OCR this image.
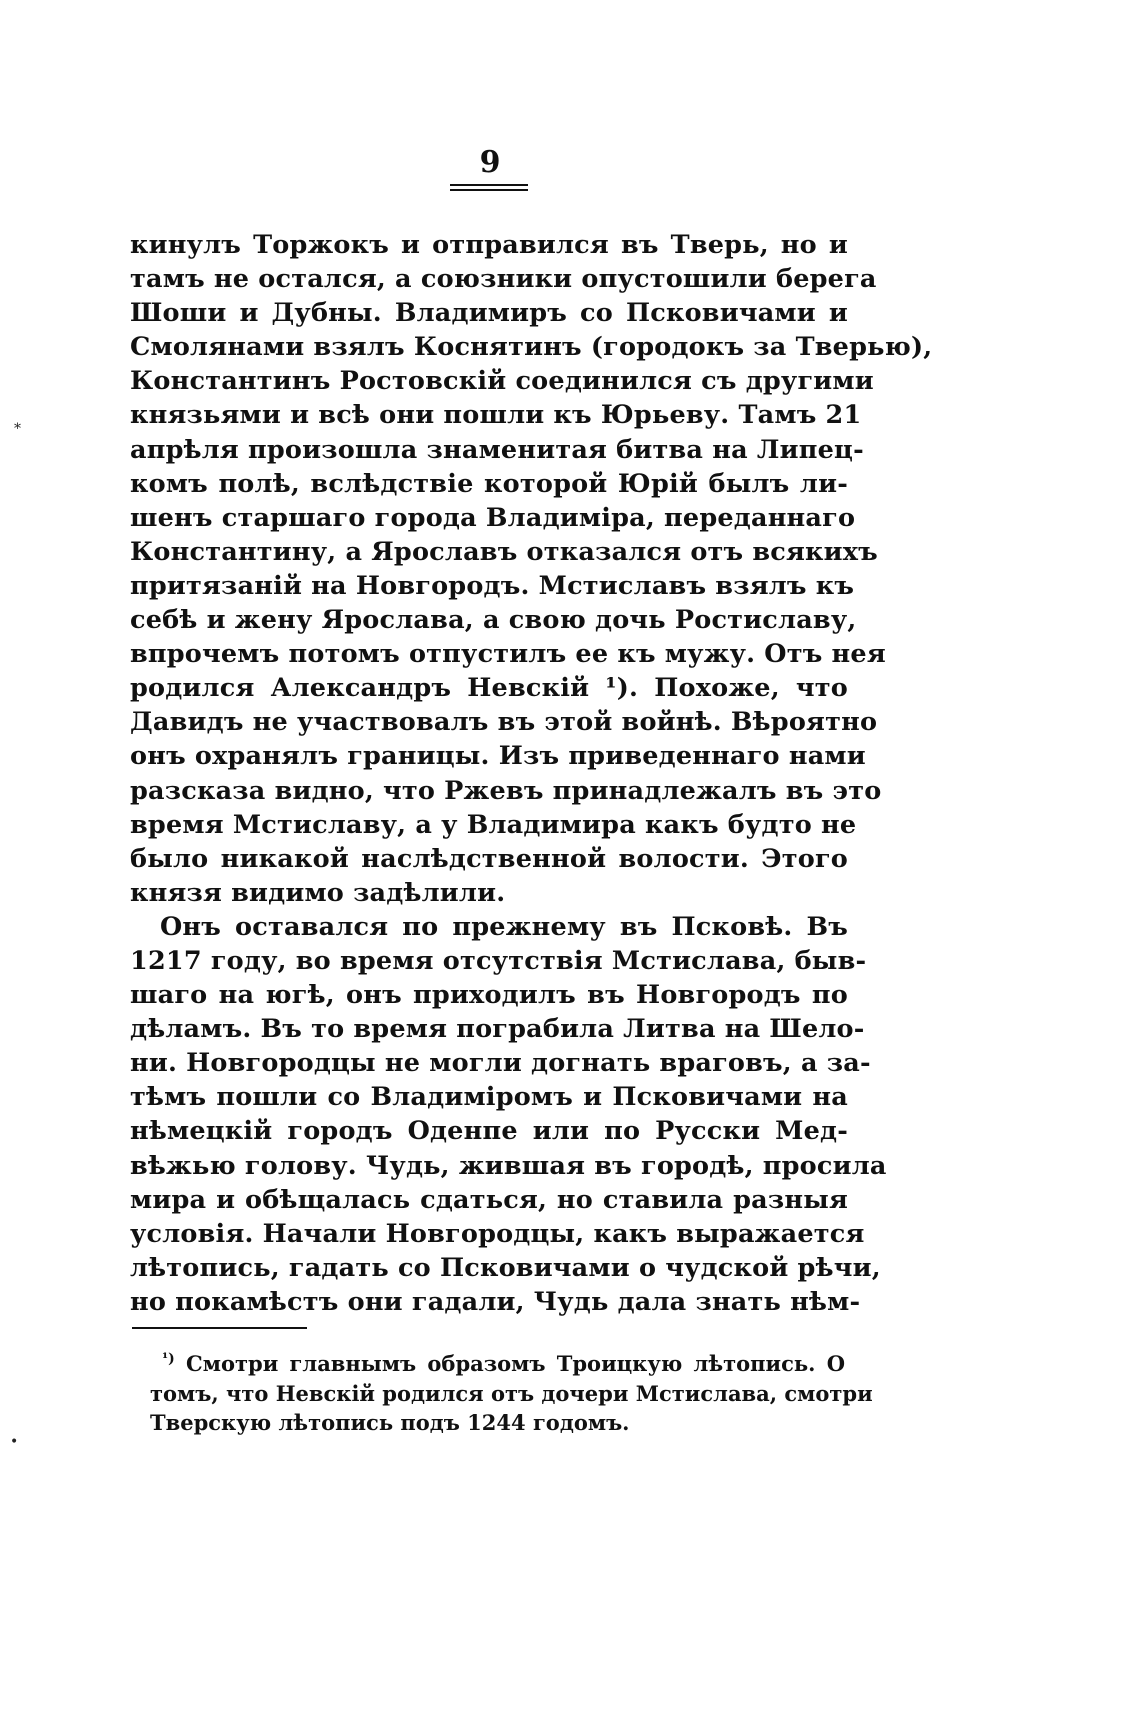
9
кинулъ Торжокъ и отправился въ Тверь, но и
тамъ не остался, а союзники опустошили берега
Шоши и Дубны. Владимиръ со Псковичами и
Смолянами взялъ Коснятинъ (городокъ за Тверью),
Константинъ Ростовскій соединился съ другими
князьями и всѣ они пошли къ Юрьеву. Тамъ 21
апрѣля произошла знаменитая битва на Липец-
комъ полѣ, вслѣдствіе которой Юрій былъ ли-
шенъ старшаго города Владиміра, переданнаго
Константину, а Ярославъ отказался отъ всякихъ
притязаній на Новгородъ. Мстиславъ взялъ къ
себѣ и жену Ярослава, а свою дочь Ростиславу,
впрочемъ потомъ отпустилъ ее къ мужу. Отъ нея
родился Александръ Невскій ¹). Похоже, что
Давидъ не участвовалъ въ этой войнѣ. Вѣроятно
онъ охранялъ границы. Изъ приведеннаго нами
разсказа видно, что Ржевъ принадлежалъ въ это
время Мстиславу, а у Владимира какъ будто не
было никакой наслѣдственной волости. Этого
князя видимо задѣлили.
Онъ оставался по прежнему въ Псковѣ. Въ
1217 году, во время отсутствія Мстислава, быв-
шаго на югѣ, онъ приходилъ въ Новгородъ по
дѣламъ. Въ то время пограбила Литва на Шело-
ни. Новгородцы не могли догнать враговъ, а за-
тѣмъ пошли со Владиміромъ и Псковичами на
нѣмецкій городъ Оденпе или по Русски Мед-
вѣжью голову. Чудь, жившая въ городѣ, просила
мира и обѣщалась сдаться, но ставила разныя
условія. Начали Новгородцы, какъ выражается
лѣтопись, гадать со Псковичами о чудской рѣчи,
но покамѣстъ они гадали, Чудь дала знать нѣм-
$^{^1)}$ Смотри главнымъ образомъ Троицкую лѣтопись. О
томъ, что Невскій родился отъ дочери Мстислава, смотри
Тверскую лѣтопись подъ 1244 годомъ.
*
•
